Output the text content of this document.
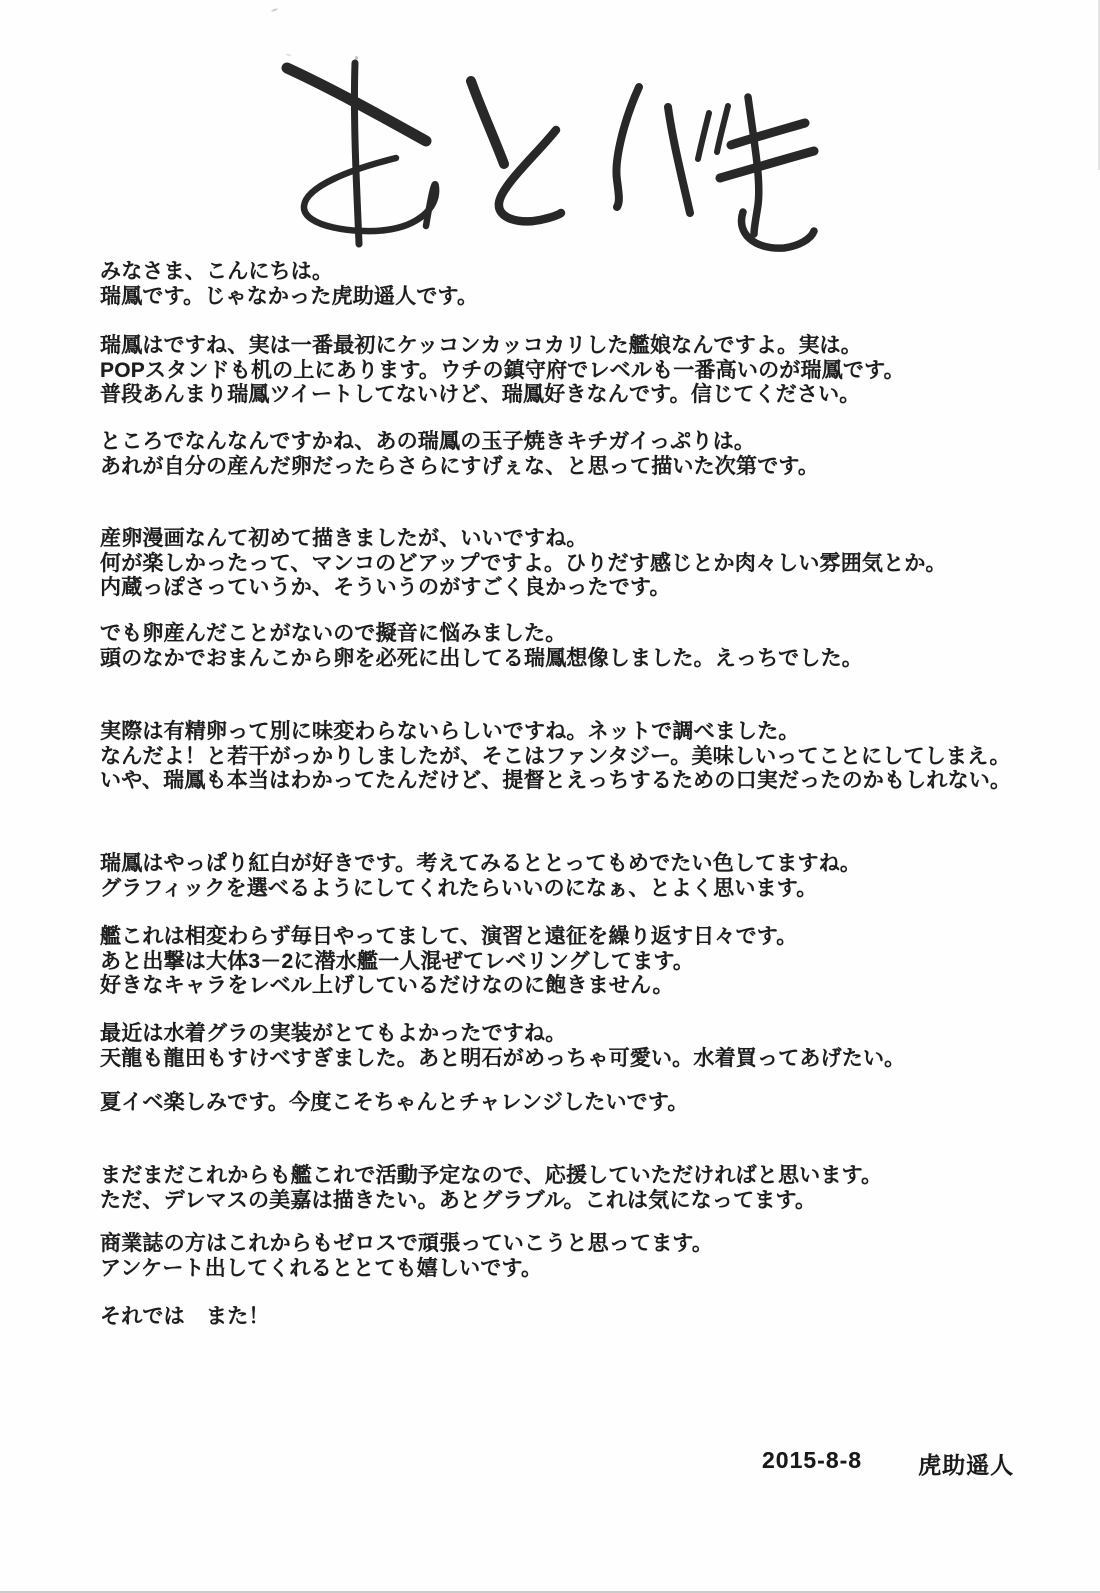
みなさま、こんにちは。
瑞鳳です。じゃなかった虎助遥人です。
瑞鳳はですね、実は一番最初にケッコンカッコカリした艦娘なんですよ。実は。
POPスタンドも机の上にあります。ウチの鎮守府でレベルも一番高いのが瑞鳳です。
普段あんまり瑞鳳ツイートしてないけど、瑞鳳好きなんです。信じてください。
ところでなんなんですかね、あの瑞鳳の玉子焼きキチガイっぷりは。
あれが自分の産んだ卵だったらさらにすげぇな、と思って描いた次第です。
産卵漫画なんて初めて描きましたが、いいですね。
何が楽しかったって、マンコのどアップですよ。ひりだす感じとか肉々しい雰囲気とか。
内蔵っぽさっていうか、そういうのがすごく良かったです。
でも卵産んだことがないので擬音に悩みました。
頭のなかでおまんこから卵を必死に出してる瑞鳳想像しました。えっちでした。
実際は有精卵って別に味変わらないらしいですね。ネットで調べました。
なんだよ！と若干がっかりしましたが、そこはファンタジー。美味しいってことにしてしまえ。
いや、瑞鳳も本当はわかってたんだけど、提督とえっちするための口実だったのかもしれない。
瑞鳳はやっぱり紅白が好きです。考えてみるととってもめでたい色してますね。
グラフィックを選べるようにしてくれたらいいのになぁ、とよく思います。
艦これは相変わらず毎日やってまして、演習と遠征を繰り返す日々です。
あと出撃は大体3－2に潜水艦一人混ぜてレベリングしてます。
好きなキャラをレベル上げしているだけなのに飽きません。
最近は水着グラの実装がとてもよかったですね。
天龍も龍田もすけべすぎました。あと明石がめっちゃ可愛い。水着買ってあげたい。
夏イベ楽しみです。今度こそちゃんとチャレンジしたいです。
まだまだこれからも艦これで活動予定なので、応援していただければと思います。
ただ、デレマスの美嘉は描きたい。あとグラブル。これは気になってます。
商業誌の方はこれからもゼロスで頑張っていこうと思ってます。
アンケート出してくれるととても嬉しいです。
それでは　また！
2015-8-8 虎助遥人
